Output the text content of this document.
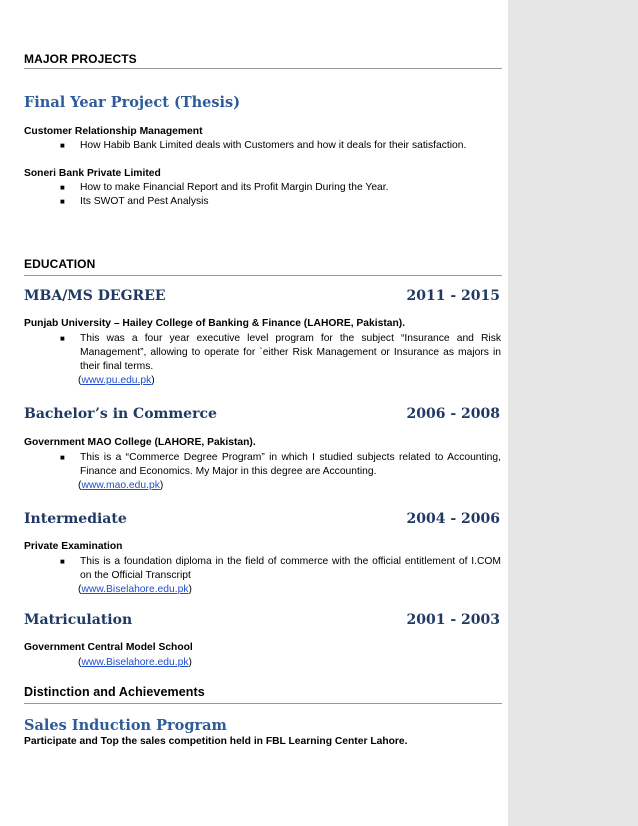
MAJOR PROJECTS
Final Year Project (Thesis)
Customer Relationship Management
■	How Habib Bank Limited deals with Customers and how it deals for their satisfaction.
Soneri Bank Private Limited
■	How to make Financial Report and its Profit Margin During the Year.
■	Its SWOT and Pest Analysis
EDUCATION
MBA/MS DEGREE	2011 - 2015
Punjab University – Hailey College of Banking & Finance (LAHORE, Pakistan).
■	This was a four year executive level program for the subject “Insurance and Risk Management”, allowing to operate for `either Risk Management or Insurance as majors in their final terms.
(www.pu.edu.pk)
Bachelor’s in Commerce	2006 - 2008
Government MAO College (LAHORE, Pakistan).
■	This is a “Commerce Degree Program” in which I studied subjects related to Accounting, Finance and Economics. My Major in this degree are Accounting.
(www.mao.edu.pk)
Intermediate	2004 - 2006
Private Examination
■	This is a foundation diploma in the field of commerce with the official entitlement of I.COM on the Official Transcript
(www.Biselahore.edu.pk)
Matriculation	2001 - 2003
Government Central Model School
(www.Biselahore.edu.pk)
Distinction and Achievements
Sales Induction Program
Participate and Top the sales competition held in FBL Learning Center Lahore.
